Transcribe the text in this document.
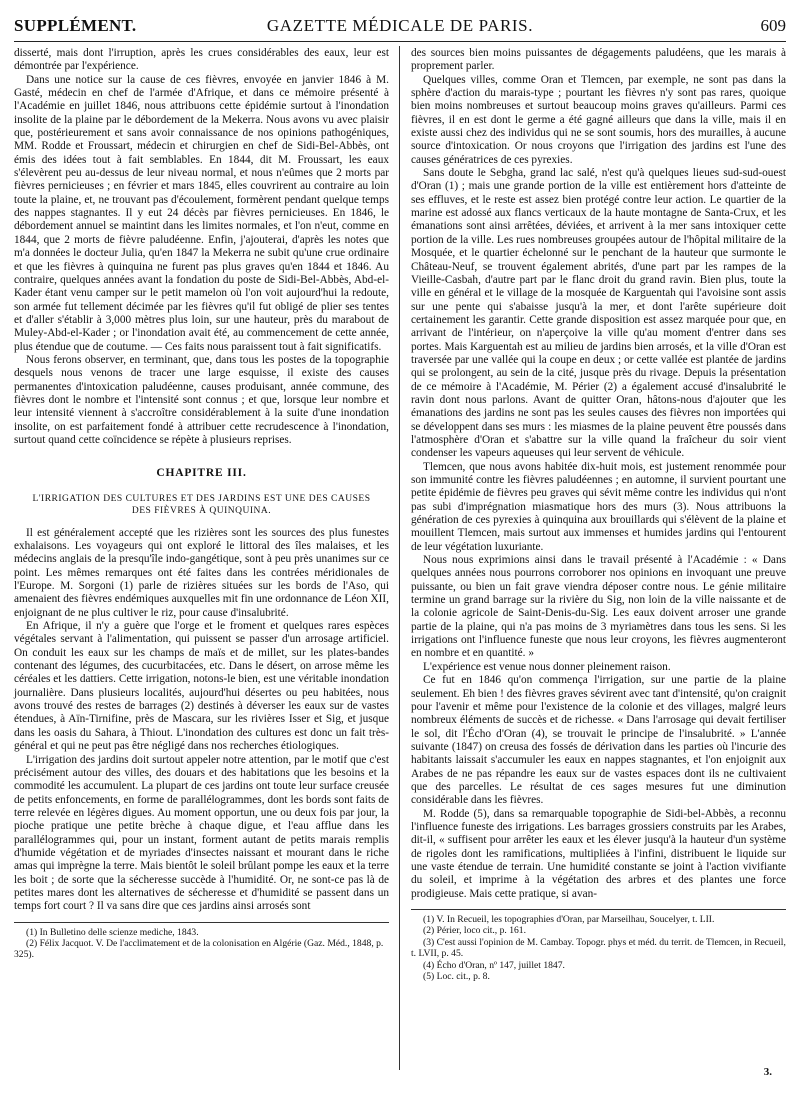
SUPPLÉMENT.	GAZETTE MÉDICALE DE PARIS.	609

disserté, mais dont l'irruption, après les crues considérables des eaux, leur est démontrée par l'expérience.

Dans une notice sur la cause de ces fièvres, envoyée en janvier 1846 à M. Gasté, médecin en chef de l'armée d'Afrique, et dans ce mémoire présenté à l'Académie en juillet 1846, nous attribuons cette épidémie surtout à l'inondation insolite de la plaine par le débordement de la Mekerra. Nous avons vu avec plaisir que, postérieurement et sans avoir connaissance de nos opinions pathogéniques, MM. Rodde et Froussart, médecin et chirurgien en chef de Sidi-Bel-Abbès, ont émis des idées tout à fait semblables. En 1844, dit M. Froussart, les eaux s'élevèrent peu au-dessus de leur niveau normal, et nous n'eûmes que 2 morts par fièvres pernicieuses ; en février et mars 1845, elles couvrirent au contraire au loin toute la plaine, et, ne trouvant pas d'écoulement, formèrent pendant quelque temps des nappes stagnantes. Il y eut 24 décès par fièvres pernicieuses. En 1846, le débordement annuel se maintint dans les limites normales, et l'on n'eut, comme en 1844, que 2 morts de fièvre paludéenne. Enfin, j'ajouterai, d'après les notes que m'a données le docteur Julia, qu'en 1847 la Mekerra ne subit qu'une crue ordinaire et que les fièvres à quinquina ne furent pas plus graves qu'en 1844 et 1846. Au contraire, quelques années avant la fondation du poste de Sidi-Bel-Abbès, Abd-el-Kader étant venu camper sur le petit mamelon où l'on voit aujourd'hui la redoute, son armée fut tellement décimée par les fièvres qu'il fut obligé de plier ses tentes et d'aller s'établir à 3,000 mètres plus loin, sur une hauteur, près du marabout de Muley-Abd-el-Kader ; or l'inondation avait été, au commencement de cette année, plus étendue que de coutume. — Ces faits nous paraissent tout à fait significatifs.

Nous ferons observer, en terminant, que, dans tous les postes de la topographie desquels nous venons de tracer une large esquisse, il existe des causes permanentes d'intoxication paludéenne, causes produisant, année commune, des fièvres dont le nombre et l'intensité sont connus ; et que, lorsque leur nombre et leur intensité viennent à s'accroître considérablement à la suite d'une inondation insolite, on est parfaitement fondé à attribuer cette recrudescence à l'inondation, surtout quand cette coïncidence se répète à plusieurs reprises.

CHAPITRE III.
L'IRRIGATION DES CULTURES ET DES JARDINS EST UNE DES CAUSES DES FIÈVRES À QUINQUINA.

Il est généralement accepté que les rizières sont les sources des plus funestes exhalaisons. Les voyageurs qui ont exploré le littoral des îles malaises, et les médecins anglais de la presqu'île indo-gangétique, sont à peu près unanimes sur ce point. Les mêmes remarques ont été faites dans les contrées méridionales de l'Europe. M. Sorgoni (1) parle de rizières situées sur les bords de l'Aso, qui amenaient des fièvres endémiques auxquelles mit fin une ordonnance de Léon XII, enjoignant de ne plus cultiver le riz, pour cause d'insalubrité.

En Afrique, il n'y a guère que l'orge et le froment et quelques rares espèces végétales servant à l'alimentation, qui puissent se passer d'un arrosage artificiel. On conduit les eaux sur les champs de maïs et de millet, sur les plates-bandes contenant des légumes, des cucurbitacées, etc. Dans le désert, on arrose même les céréales et les dattiers. Cette irrigation, notons-le bien, est une véritable inondation journalière. Dans plusieurs localités, aujourd'hui désertes ou peu habitées, nous avons trouvé des restes de barrages (2) destinés à déverser les eaux sur de vastes étendues, à Aïn-Tirnifine, près de Mascara, sur les rivières Isser et Sig, et jusque dans les oasis du Sahara, à Thiout. L'inondation des cultures est donc un fait très-général et qui ne peut pas être négligé dans nos recherches étiologiques.

L'irrigation des jardins doit surtout appeler notre attention, par le motif que c'est précisément autour des villes, des douars et des habitations que les besoins et la commodité les accumulent. La plupart de ces jardins ont toute leur surface creusée de petits enfoncements, en forme de parallélogrammes, dont les bords sont faits de terre relevée en légères digues. Au moment opportun, une ou deux fois par jour, la pioche pratique une petite brèche à chaque digue, et l'eau afflue dans les parallélogrammes qui, pour un instant, forment autant de petits marais remplis d'humide végétation et de myriades d'insectes naissant et mourant dans le riche amas qui imprègne la terre. Mais bientôt le soleil brûlant pompe les eaux et la terre les boit ; de sorte que la sécheresse succède à l'humidité. Or, ne sont-ce pas là de petites mares dont les alternatives de sécheresse et d'humidité se passent dans un temps fort court ? Il va sans dire que ces jardins ainsi arrosés sont

(1) In Bulletino delle scienze mediche, 1843.

(2) Félix Jacquot. V. De l'acclimatement et de la colonisation en Algérie (Gaz. Méd., 1848, p. 325).

des sources bien moins puissantes de dégagements paludéens, que les marais à proprement parler.

Quelques villes, comme Oran et Tlemcen, par exemple, ne sont pas dans la sphère d'action du marais-type ; pourtant les fièvres n'y sont pas rares, quoique bien moins nombreuses et surtout beaucoup moins graves qu'ailleurs. Parmi ces fièvres, il en est dont le germe a été gagné ailleurs que dans la ville, mais il en existe aussi chez des individus qui ne se sont soumis, hors des murailles, à aucune source d'intoxication. Or nous croyons que l'irrigation des jardins est l'une des causes génératrices de ces pyrexies.

Sans doute le Sebgha, grand lac salé, n'est qu'à quelques lieues sud-sud-ouest d'Oran (1) ; mais une grande portion de la ville est entièrement hors d'atteinte de ses effluves, et le reste est assez bien protégé contre leur action. Le quartier de la marine est adossé aux flancs verticaux de la haute montagne de Santa-Crux, et les émanations sont ainsi arrêtées, déviées, et arrivent à la mer sans intoxiquer cette portion de la ville. Les rues nombreuses groupées autour de l'hôpital militaire de la Mosquée, et le quartier échelonné sur le penchant de la hauteur que surmonte le Château-Neuf, se trouvent également abrités, d'une part par les rampes de la Vieille-Casbah, d'autre part par le flanc droit du grand ravin. Bien plus, toute la ville en général et le village de la mosquée de Karguentah qui l'avoisine sont assis sur une pente qui s'abaisse jusqu'à la mer, et dont l'arête supérieure doit certainement les garantir. Cette grande disposition est assez marquée pour que, en arrivant de l'intérieur, on n'aperçoive la ville qu'au moment d'entrer dans ses portes. Mais Karguentah est au milieu de jardins bien arrosés, et la ville d'Oran est traversée par une vallée qui la coupe en deux ; or cette vallée est plantée de jardins qui se prolongent, au sein de la cité, jusque près du rivage. Depuis la présentation de ce mémoire à l'Académie, M. Périer (2) a également accusé d'insalubrité le ravin dont nous parlons. Avant de quitter Oran, hâtons-nous d'ajouter que les émanations des jardins ne sont pas les seules causes des fièvres non importées qui se développent dans ses murs : les miasmes de la plaine peuvent être poussés dans l'atmosphère d'Oran et s'abattre sur la ville quand la fraîcheur du soir vient condenser les vapeurs aqueuses qui leur servent de véhicule.

Tlemcen, que nous avons habitée dix-huit mois, est justement renommée pour son immunité contre les fièvres paludéennes ; en automne, il survient pourtant une petite épidémie de fièvres peu graves qui sévit même contre les individus qui n'ont pas subi d'imprégnation miasmatique hors des murs (3). Nous attribuons la génération de ces pyrexies à quinquina aux brouillards qui s'élèvent de la plaine et mouillent Tlemcen, mais surtout aux immenses et humides jardins qui l'entourent de leur végétation luxuriante.

Nous nous exprimions ainsi dans le travail présenté à l'Académie : « Dans quelques années nous pourrons corroborer nos opinions en invoquant une preuve puissante, ou bien un fait grave viendra déposer contre nous. Le génie militaire termine un grand barrage sur la rivière du Sig, non loin de la ville naissante et de la colonie agricole de Saint-Denis-du-Sig. Les eaux doivent arroser une grande partie de la plaine, qui n'a pas moins de 3 myriamètres dans tous les sens. Si les irrigations ont l'influence funeste que nous leur croyons, les fièvres augmenteront en nombre et en quantité. »

L'expérience est venue nous donner pleinement raison.

Ce fut en 1846 qu'on commença l'irrigation, sur une partie de la plaine seulement. Eh bien ! des fièvres graves sévirent avec tant d'intensité, qu'on craignit pour l'avenir et même pour l'existence de la colonie et des villages, malgré leurs nombreux éléments de succès et de richesse. « Dans l'arrosage qui devait fertiliser le sol, dit l'Écho d'Oran (4), se trouvait le principe de l'insalubrité. » L'année suivante (1847) on creusa des fossés de dérivation dans les parties où l'incurie des habitants laissait s'accumuler les eaux en nappes stagnantes, et l'on enjoignit aux Arabes de ne pas répandre les eaux sur de vastes espaces dont ils ne cultivaient que des parcelles. Le résultat de ces sages mesures fut une diminution considérable dans les fièvres.

M. Rodde (5), dans sa remarquable topographie de Sidi-bel-Abbès, a reconnu l'influence funeste des irrigations. Les barrages grossiers construits par les Arabes, dit-il, « suffisent pour arrêter les eaux et les élever jusqu'à la hauteur d'un système de rigoles dont les ramifications, multipliées à l'infini, distribuent le liquide sur une vaste étendue de terrain. Une humidité constante se joint à l'action vivifiante du soleil, et imprime à la végétation des arbres et des plantes une force prodigieuse. Mais cette pratique, si avan-

(1) V. In Recueil, les topographies d'Oran, par Marseilhau, Soucelyer, t. LII.

(2) Périer, loco cit., p. 161.

(3) C'est aussi l'opinion de M. Cambay. Topogr. phys et méd. du territ. de Tlemcen, in Recueil, t. LVII, p. 45.

(4) Écho d'Oran, nº 147, juillet 1847.

(5) Loc. cit., p. 8.

3.
